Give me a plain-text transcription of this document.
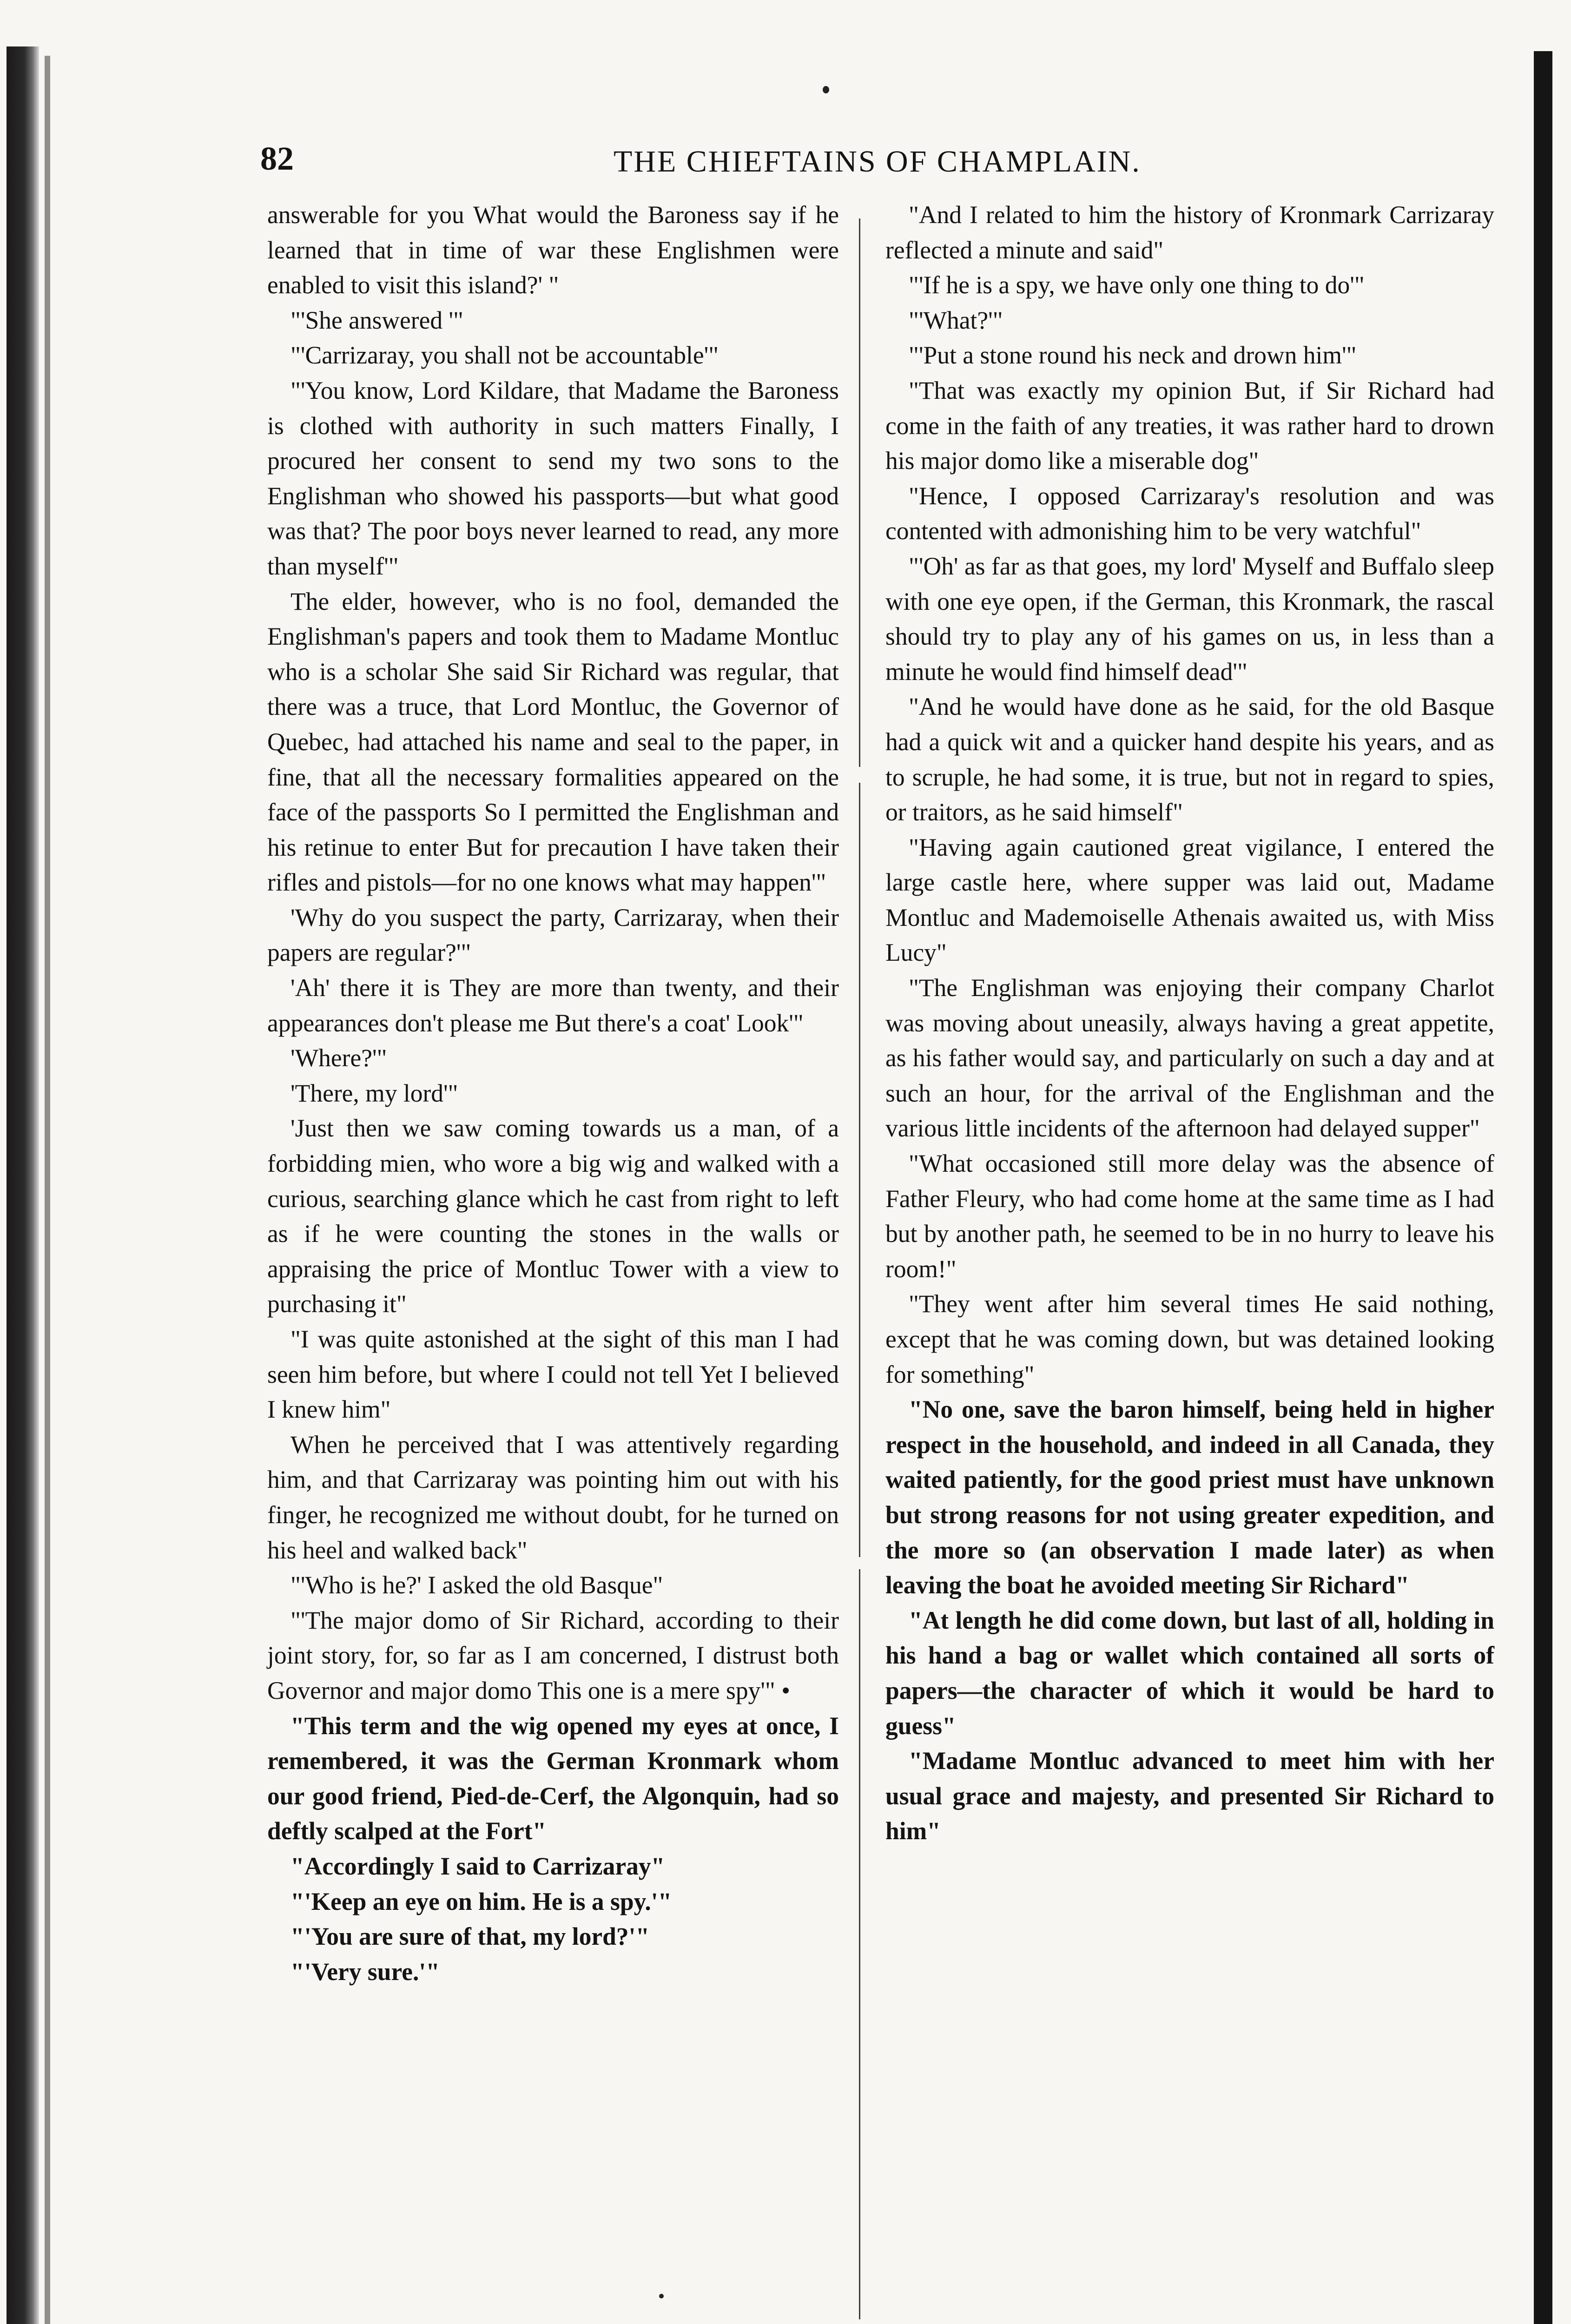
82	THE CHIEFTAINS OF CHAMPLAIN.

answerable for you What would the Baroness say if he learned that in time of war these Englishmen were enabled to visit this island?' "

"'She answered '"

"'Carrizaray, you shall not be accountable'"

"'You know, Lord Kildare, that Madame the Baroness is clothed with authority in such matters Finally, I procured her consent to send my two sons to the Englishman who showed his passports—but what good was that? The poor boys never learned to read, any more than myself'"

The elder, however, who is no fool, demanded the Englishman's papers and took them to Madame Montluc who is a scholar She said Sir Richard was regular, that there was a truce, that Lord Montluc, the Governor of Quebec, had attached his name and seal to the paper, in fine, that all the necessary formalities appeared on the face of the passports So I permitted the Englishman and his retinue to enter But for precaution I have taken their rifles and pistols—for no one knows what may happen'"

'Why do you suspect the party, Carrizaray, when their papers are regular?'"

'Ah' there it is They are more than twenty, and their appearances don't please me But there's a coat' Look'"

'Where?'"

'There, my lord'"

'Just then we saw coming towards us a man, of a forbidding mien, who wore a big wig and walked with a curious, searching glance which he cast from right to left as if he were counting the stones in the walls or appraising the price of Montluc Tower with a view to purchasing it"

"I was quite astonished at the sight of this man I had seen him before, but where I could not tell Yet I believed I knew him"

When he perceived that I was attentively regarding him, and that Carrizaray was pointing him out with his finger, he recognized me without doubt, for he turned on his heel and walked back"

"'Who is he?' I asked the old Basque"

"'The major domo of Sir Richard, according to their joint story, for, so far as I am concerned, I distrust both Governor and major domo This one is a mere spy'" •

"This term and the wig opened my eyes at once, I remembered, it was the German Kronmark whom our good friend, Pied-de-Cerf, the Algonquin, had so deftly scalped at the Fort"

"Accordingly I said to Carrizaray"

"'Keep an eye on him. He is a spy.'"

"'You are sure of that, my lord?'"

"'Very sure.'"

"And I related to him the history of Kronmark Carrizaray reflected a minute and said"

"'If he is a spy, we have only one thing to do'"

"'What?'"

"'Put a stone round his neck and drown him'"

"That was exactly my opinion But, if Sir Richard had come in the faith of any treaties, it was rather hard to drown his major domo like a miserable dog"

"Hence, I opposed Carrizaray's resolution and was contented with admonishing him to be very watchful"

"'Oh' as far as that goes, my lord' Myself and Buffalo sleep with one eye open, if the German, this Kronmark, the rascal should try to play any of his games on us, in less than a minute he would find himself dead'"

"And he would have done as he said, for the old Basque had a quick wit and a quicker hand despite his years, and as to scruple, he had some, it is true, but not in regard to spies, or traitors, as he said himself"

"Having again cautioned great vigilance, I entered the large castle here, where supper was laid out, Madame Montluc and Mademoiselle Athenais awaited us, with Miss Lucy"

"The Englishman was enjoying their company Charlot was moving about uneasily, always having a great appetite, as his father would say, and particularly on such a day and at such an hour, for the arrival of the Englishman and the various little incidents of the afternoon had delayed supper"

"What occasioned still more delay was the absence of Father Fleury, who had come home at the same time as I had but by another path, he seemed to be in no hurry to leave his room!"

"They went after him several times He said nothing, except that he was coming down, but was detained looking for something"

"No one, save the baron himself, being held in higher respect in the household, and indeed in all Canada, they waited patiently, for the good priest must have unknown but strong reasons for not using greater expedition, and the more so (an observation I made later) as when leaving the boat he avoided meeting Sir Richard"

"At length he did come down, but last of all, holding in his hand a bag or wallet which contained all sorts of papers—the character of which it would be hard to guess"

"Madame Montluc advanced to meet him with her usual grace and majesty, and presented Sir Richard to him"
